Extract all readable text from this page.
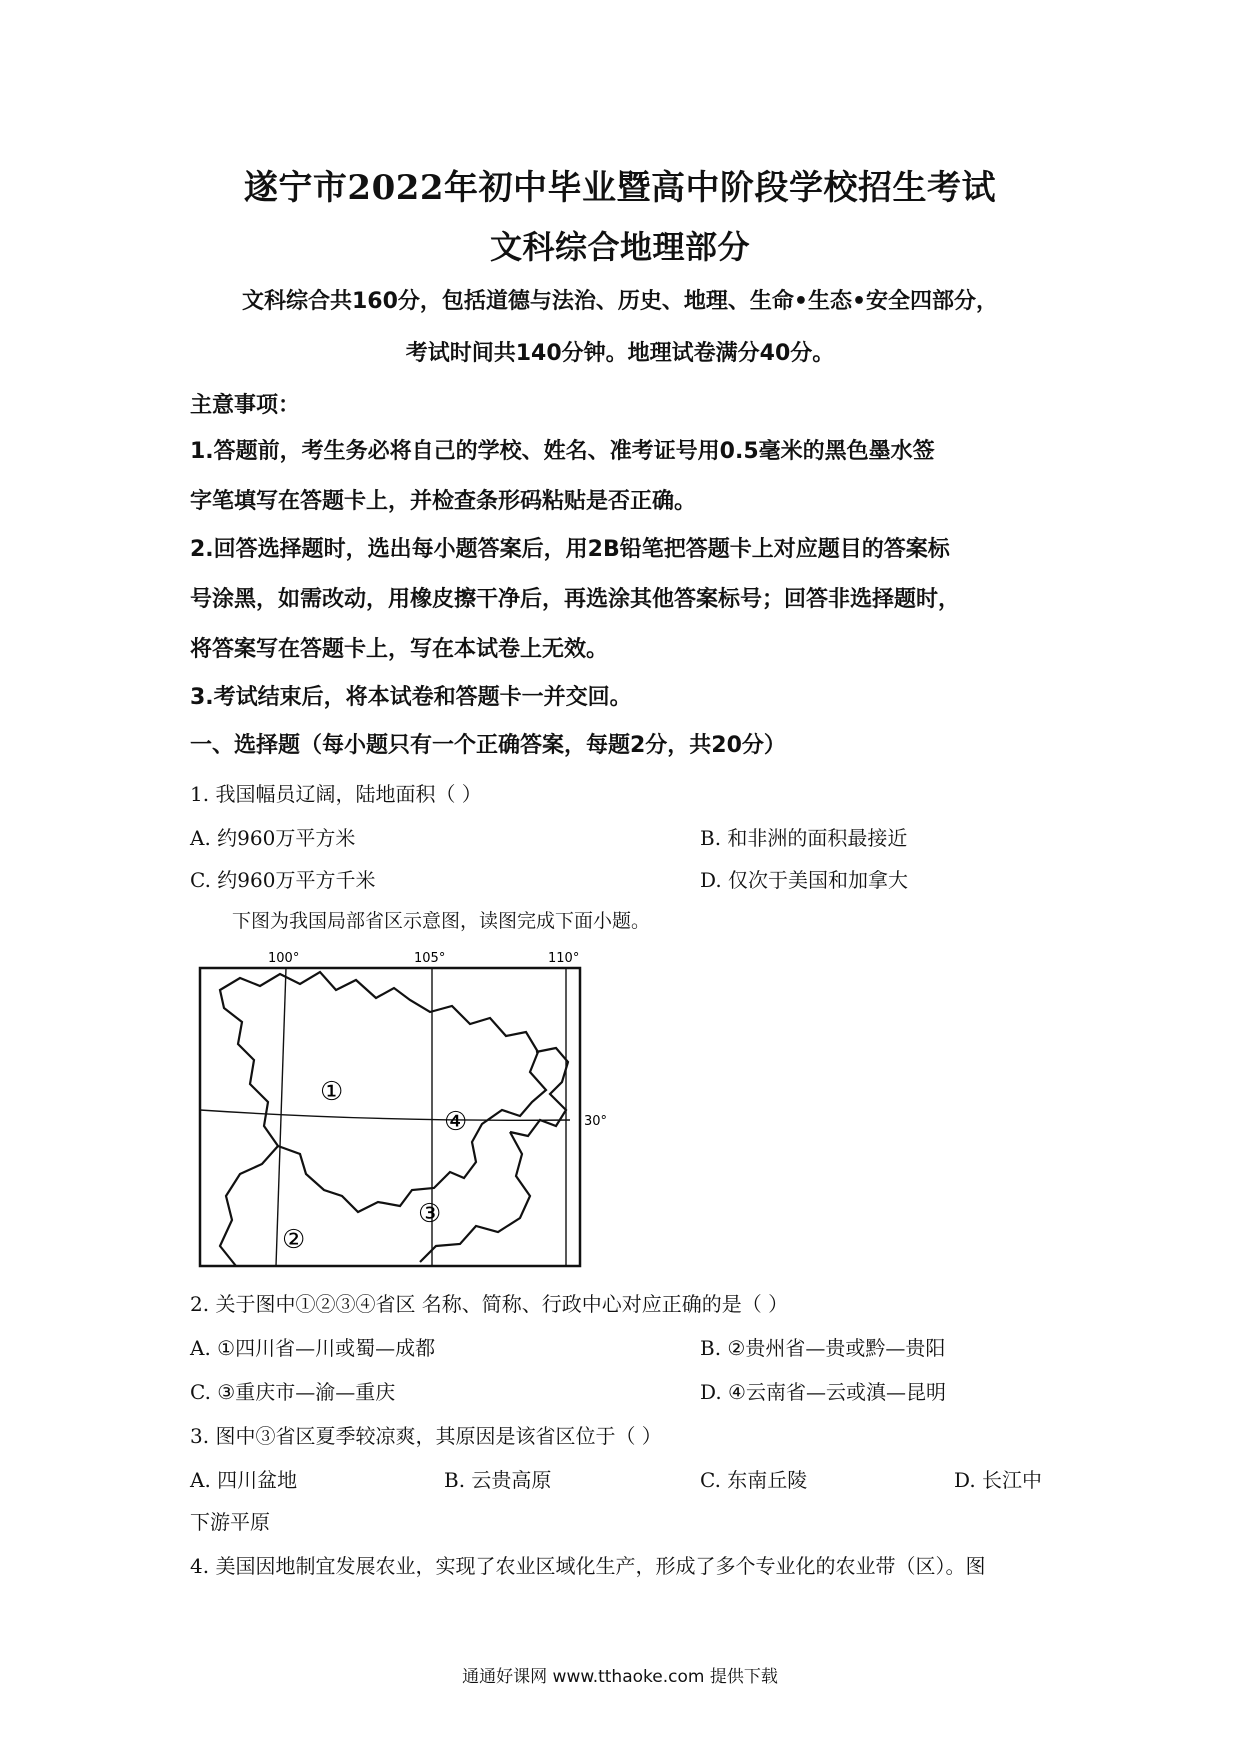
遂宁市2022年初中毕业暨高中阶段学校招生考试
文科综合地理部分
文科综合共160分，包括道德与法治、历史、地理、生命•生态•安全四部分，
考试时间共140分钟。地理试卷满分40分。
主意事项：
1.答题前，考生务必将自己的学校、姓名、准考证号用0.5毫米的黑色墨水签
字笔填写在答题卡上，并检查条形码粘贴是否正确。
2.回答选择题时，选出每小题答案后，用2B铅笔把答题卡上对应题目的答案标
号涂黑，如需改动，用橡皮擦干净后，再选涂其他答案标号；回答非选择题时，
将答案写在答题卡上，写在本试卷上无效。
3.考试结束后，将本试卷和答题卡一并交回。
一、选择题（每小题只有一个正确答案，每题2分，共20分）
1. 我国幅员辽阔，陆地面积（ ）
A. 约960万平方米	B. 和非洲的面积最接近
C. 约960万平方千米	D. 仅次于美国和加拿大
下图为我国局部省区示意图，读图完成下面小题。
100°	105°	110°
30°
①
②
③
④
2. 关于图中①②③④省区 名称、简称、行政中心对应正确的是（ ）
A. ①四川省—川或蜀—成都	B. ②贵州省—贵或黔—贵阳
C. ③重庆市—渝—重庆	D. ④云南省—云或滇—昆明
3. 图中③省区夏季较凉爽，其原因是该省区位于（ ）
A. 四川盆地	B. 云贵高原	C. 东南丘陵	D. 长江中
下游平原
4. 美国因地制宜发展农业，实现了农业区域化生产，形成了多个专业化的农业带（区）。图
通通好课网 www.tthaoke.com 提供下载
